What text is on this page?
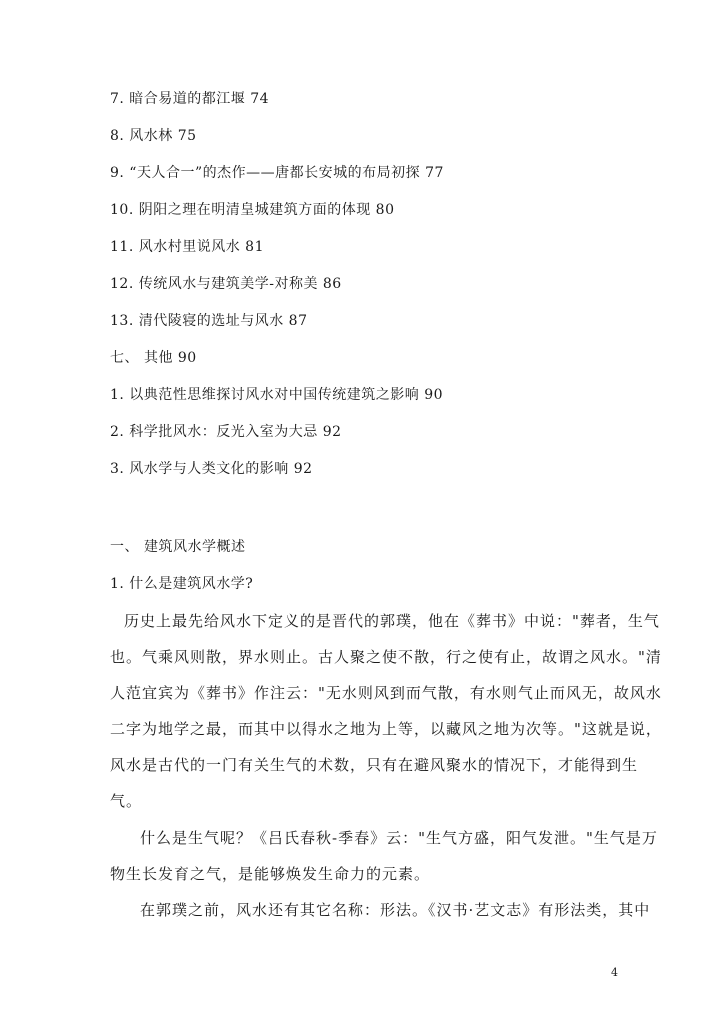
7. 暗合易道的都江堰 74
8. 风水林 75
9. “天人合一”的杰作——唐都长安城的布局初探 77
10. 阴阳之理在明清皇城建筑方面的体现 80
11. 风水村里说风水 81
12. 传统风水与建筑美学-对称美 86
13. 清代陵寝的选址与风水 87
七、 其他 90
1. 以典范性思维探讨风水对中国传统建筑之影响 90
2. 科学批风水：反光入室为大忌 92
3. 风水学与人类文化的影响 92
一、 建筑风水学概述
1. 什么是建筑风水学?
历史上最先给风水下定义的是晋代的郭璞，他在《葬书》中说："葬者，生气
也。气乘风则散，界水则止。古人聚之使不散，行之使有止，故谓之风水。"清
人范宜宾为《葬书》作注云："无水则风到而气散，有水则气止而风无，故风水
二字为地学之最，而其中以得水之地为上等，以藏风之地为次等。"这就是说，
风水是古代的一门有关生气的术数，只有在避风聚水的情况下，才能得到生
气。
什么是生气呢？《吕氏春秋-季春》云："生气方盛，阳气发泄。"生气是万
物生长发育之气，是能够焕发生命力的元素。
在郭璞之前，风水还有其它名称：形法。《汉书·艺文志》有形法类，其中
4
